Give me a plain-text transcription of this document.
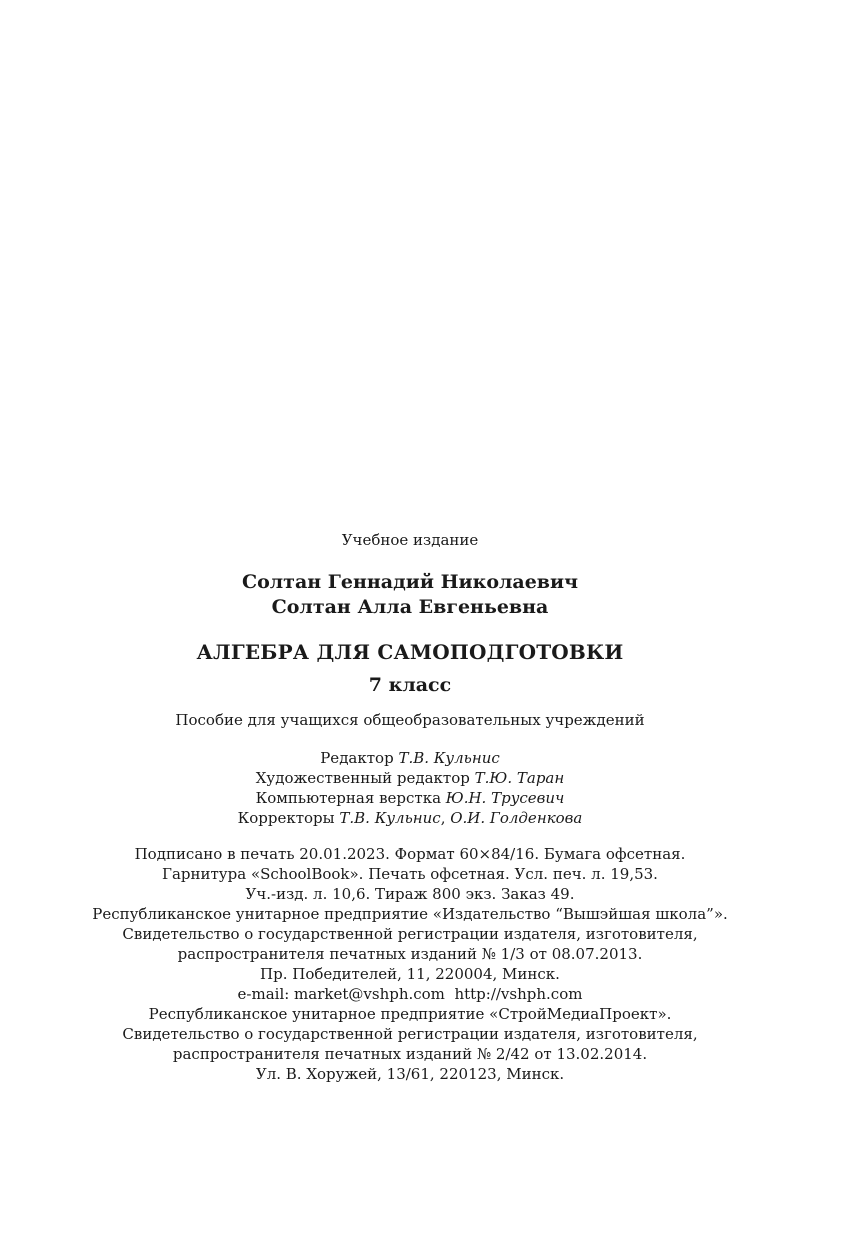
Учебное издание
Солтан Геннадий Николаевич
Солтан Алла Евгеньевна
АЛГЕБРА ДЛЯ САМОПОДГОТОВКИ
7 класс
Пособие для учащихся общеобразовательных учреждений
Редактор Т.В. Кульнис
Художественный редактор Т.Ю. Таран
Компьютерная верстка Ю.Н. Трусевич
Корректоры Т.В. Кульнис, О.И. Голденкова
Подписано в печать 20.01.2023. Формат 60×84/16. Бумага офсетная.
Гарнитура «SchoolBook». Печать офсетная. Усл. печ. л. 19,53.
Уч.-изд. л. 10,6. Тираж 800 экз. Заказ 49.
Республиканское унитарное предприятие «Издательство “Вышэйшая школа”».
Свидетельство о государственной регистрации издателя, изготовителя,
распространителя печатных изданий № 1/3 от 08.07.2013.
Пр. Победителей, 11, 220004, Минск.
e-mail: market@vshph.com  http://vshph.com
Республиканское унитарное предприятие «СтройМедиаПроект».
Свидетельство о государственной регистрации издателя, изготовителя,
распространителя печатных изданий № 2/42 от 13.02.2014.
Ул. В. Хоружей, 13/61, 220123, Минск.
